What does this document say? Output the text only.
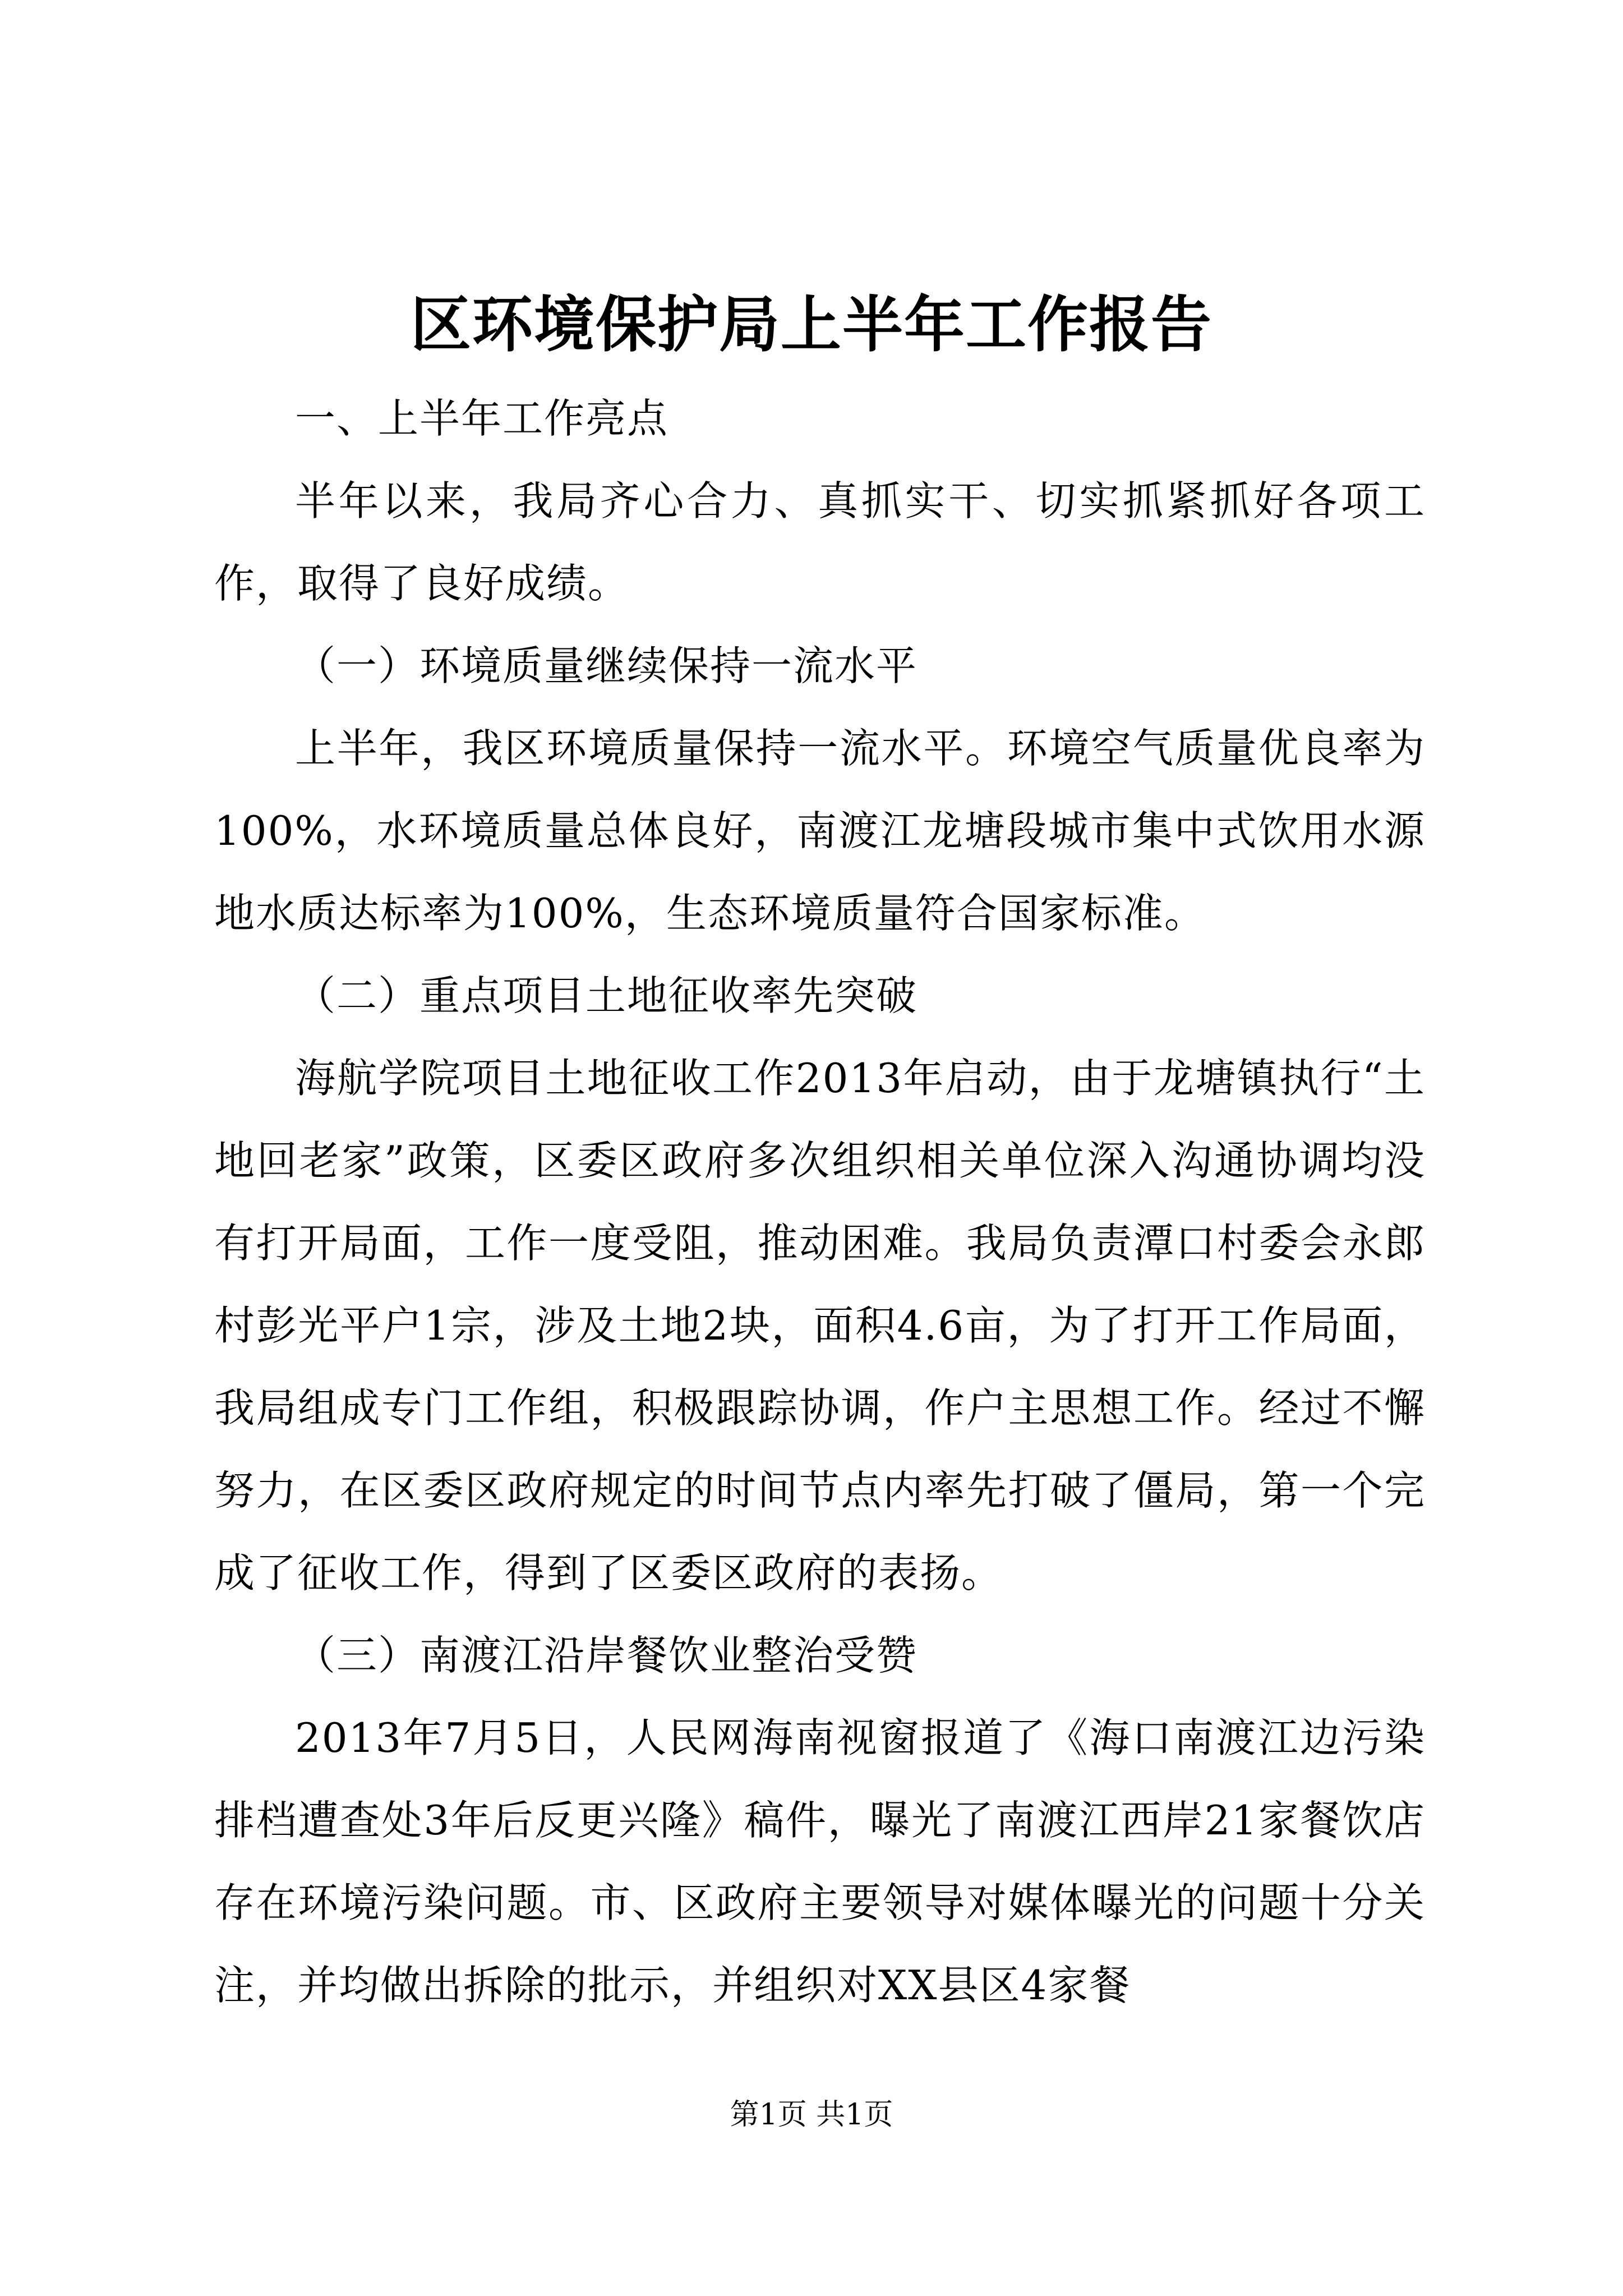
区环境保护局上半年工作报告

一、上半年工作亮点

半年以来，我局齐心合力、真抓实干、切实抓紧抓好各项工作，取得了良好成绩。

（一）环境质量继续保持一流水平

上半年，我区环境质量保持一流水平。环境空气质量优良率为100%，水环境质量总体良好，南渡江龙塘段城市集中式饮用水源地水质达标率为100%，生态环境质量符合国家标准。

（二）重点项目土地征收率先突破

海航学院项目土地征收工作2013年启动，由于龙塘镇执行“土地回老家”政策，区委区政府多次组织相关单位深入沟通协调均没有打开局面，工作一度受阻，推动困难。我局负责潭口村委会永郎村彭光平户1宗，涉及土地2块，面积4.6亩，为了打开工作局面，我局组成专门工作组，积极跟踪协调，作户主思想工作。经过不懈努力，在区委区政府规定的时间节点内率先打破了僵局，第一个完成了征收工作，得到了区委区政府的表扬。

（三）南渡江沿岸餐饮业整治受赞

2013年7月5日，人民网海南视窗报道了《海口南渡江边污染排档遭查处3年后反更兴隆》稿件，曝光了南渡江西岸21家餐饮店存在环境污染问题。市、区政府主要领导对媒体曝光的问题十分关注，并均做出拆除的批示，并组织对XX县区4家餐

第1页 共1页
